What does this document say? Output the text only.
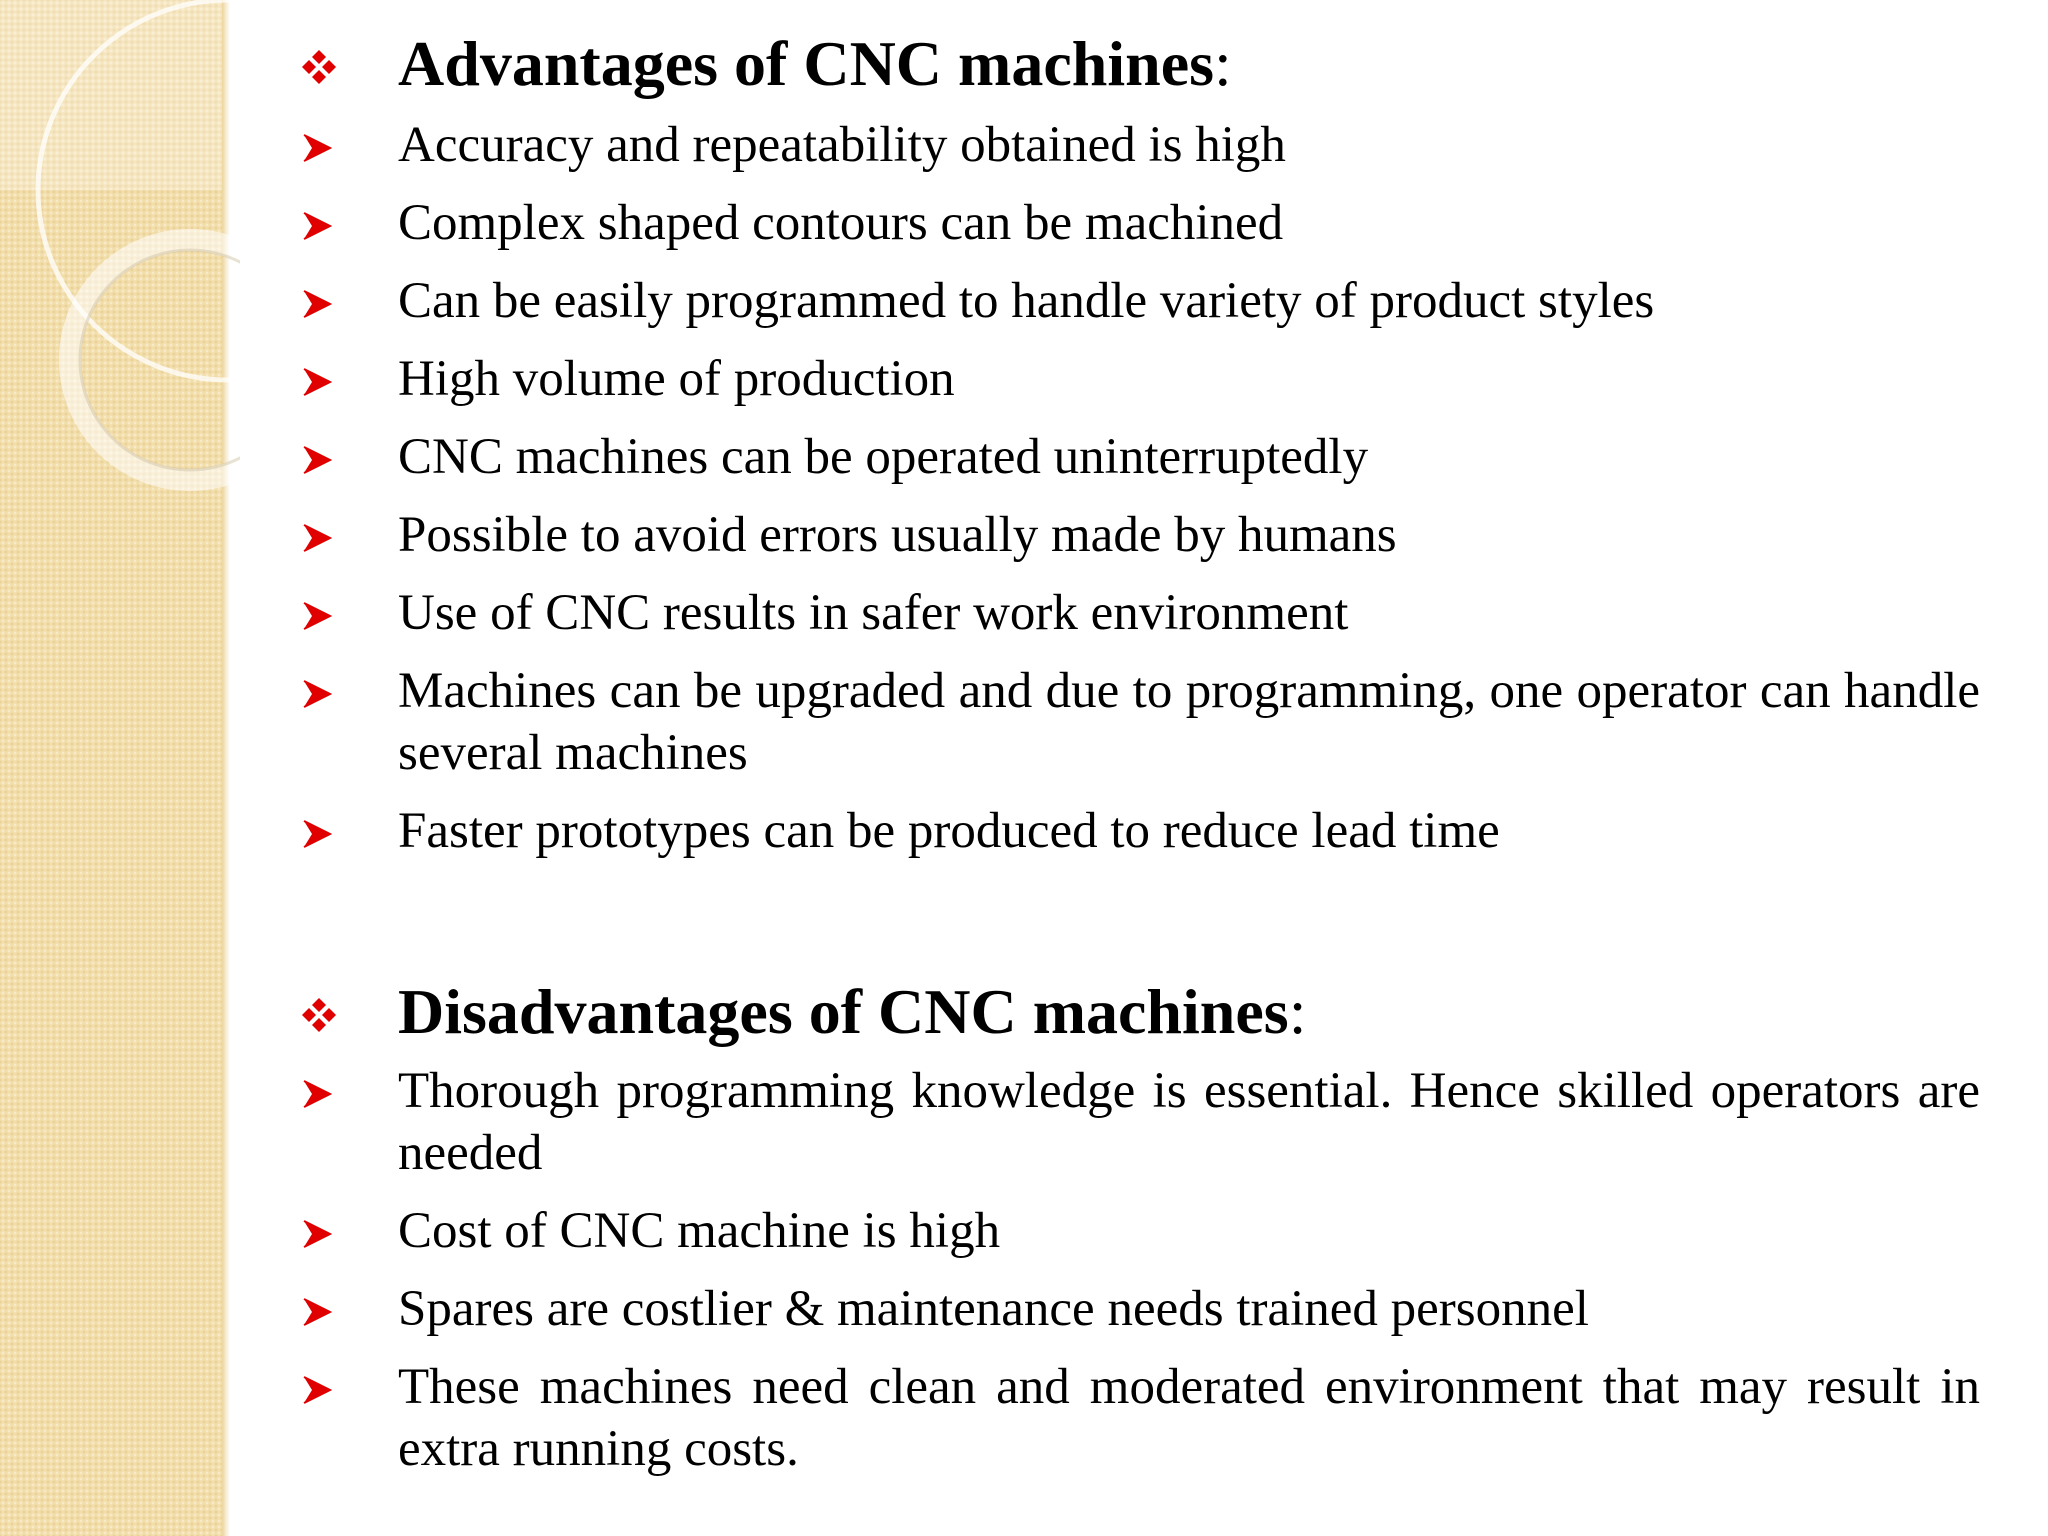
Advantages of CNC machines:
Accuracy and repeatability obtained is high
Complex shaped contours can be machined
Can be easily programmed to handle variety of product styles
High volume of production
CNC machines can be operated uninterruptedly
Possible to avoid errors usually made by humans
Use of CNC results in safer work environment
Machines can be upgraded and due to programming, one operator can handle several machines
Faster prototypes can be produced to reduce lead time
Disadvantages of CNC machines:
Thorough programming knowledge is essential. Hence skilled operators are needed
Cost of CNC machine is high
Spares are costlier & maintenance needs trained personnel
These machines need clean and moderated environment that may result in extra running costs.
